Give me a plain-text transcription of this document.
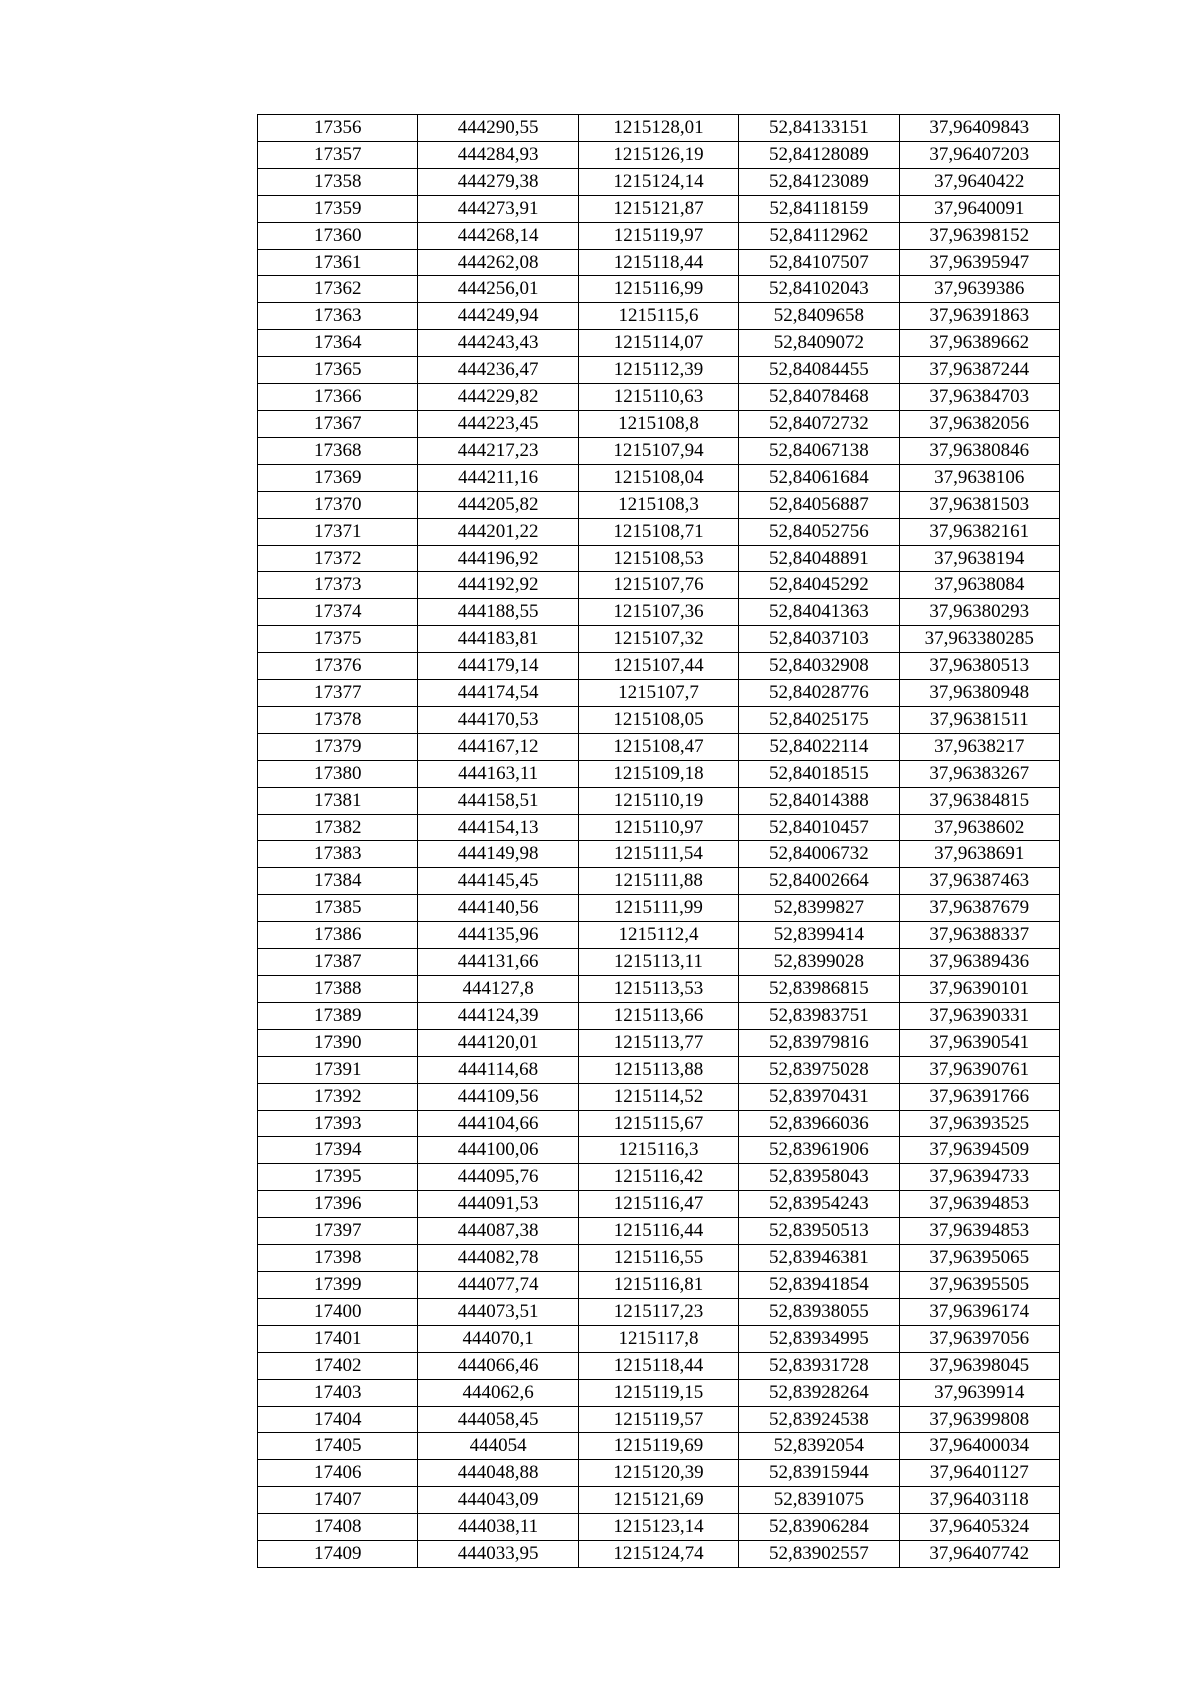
17356	444290,55	1215128,01	52,84133151	37,96409843
17357	444284,93	1215126,19	52,84128089	37,96407203
17358	444279,38	1215124,14	52,84123089	37,9640422
17359	444273,91	1215121,87	52,84118159	37,9640091
17360	444268,14	1215119,97	52,84112962	37,96398152
17361	444262,08	1215118,44	52,84107507	37,96395947
17362	444256,01	1215116,99	52,84102043	37,9639386
17363	444249,94	1215115,6	52,8409658	37,96391863
17364	444243,43	1215114,07	52,8409072	37,96389662
17365	444236,47	1215112,39	52,84084455	37,96387244
17366	444229,82	1215110,63	52,84078468	37,96384703
17367	444223,45	1215108,8	52,84072732	37,96382056
17368	444217,23	1215107,94	52,84067138	37,96380846
17369	444211,16	1215108,04	52,84061684	37,9638106
17370	444205,82	1215108,3	52,84056887	37,96381503
17371	444201,22	1215108,71	52,84052756	37,96382161
17372	444196,92	1215108,53	52,84048891	37,9638194
17373	444192,92	1215107,76	52,84045292	37,9638084
17374	444188,55	1215107,36	52,84041363	37,96380293
17375	444183,81	1215107,32	52,84037103	37,963380285
17376	444179,14	1215107,44	52,84032908	37,96380513
17377	444174,54	1215107,7	52,84028776	37,96380948
17378	444170,53	1215108,05	52,84025175	37,96381511
17379	444167,12	1215108,47	52,84022114	37,9638217
17380	444163,11	1215109,18	52,84018515	37,96383267
17381	444158,51	1215110,19	52,84014388	37,96384815
17382	444154,13	1215110,97	52,84010457	37,9638602
17383	444149,98	1215111,54	52,84006732	37,9638691
17384	444145,45	1215111,88	52,84002664	37,96387463
17385	444140,56	1215111,99	52,8399827	37,96387679
17386	444135,96	1215112,4	52,8399414	37,96388337
17387	444131,66	1215113,11	52,8399028	37,96389436
17388	444127,8	1215113,53	52,83986815	37,96390101
17389	444124,39	1215113,66	52,83983751	37,96390331
17390	444120,01	1215113,77	52,83979816	37,96390541
17391	444114,68	1215113,88	52,83975028	37,96390761
17392	444109,56	1215114,52	52,83970431	37,96391766
17393	444104,66	1215115,67	52,83966036	37,96393525
17394	444100,06	1215116,3	52,83961906	37,96394509
17395	444095,76	1215116,42	52,83958043	37,96394733
17396	444091,53	1215116,47	52,83954243	37,96394853
17397	444087,38	1215116,44	52,83950513	37,96394853
17398	444082,78	1215116,55	52,83946381	37,96395065
17399	444077,74	1215116,81	52,83941854	37,96395505
17400	444073,51	1215117,23	52,83938055	37,96396174
17401	444070,1	1215117,8	52,83934995	37,96397056
17402	444066,46	1215118,44	52,83931728	37,96398045
17403	444062,6	1215119,15	52,83928264	37,9639914
17404	444058,45	1215119,57	52,83924538	37,96399808
17405	444054	1215119,69	52,8392054	37,96400034
17406	444048,88	1215120,39	52,83915944	37,96401127
17407	444043,09	1215121,69	52,8391075	37,96403118
17408	444038,11	1215123,14	52,83906284	37,96405324
17409	444033,95	1215124,74	52,83902557	37,96407742
